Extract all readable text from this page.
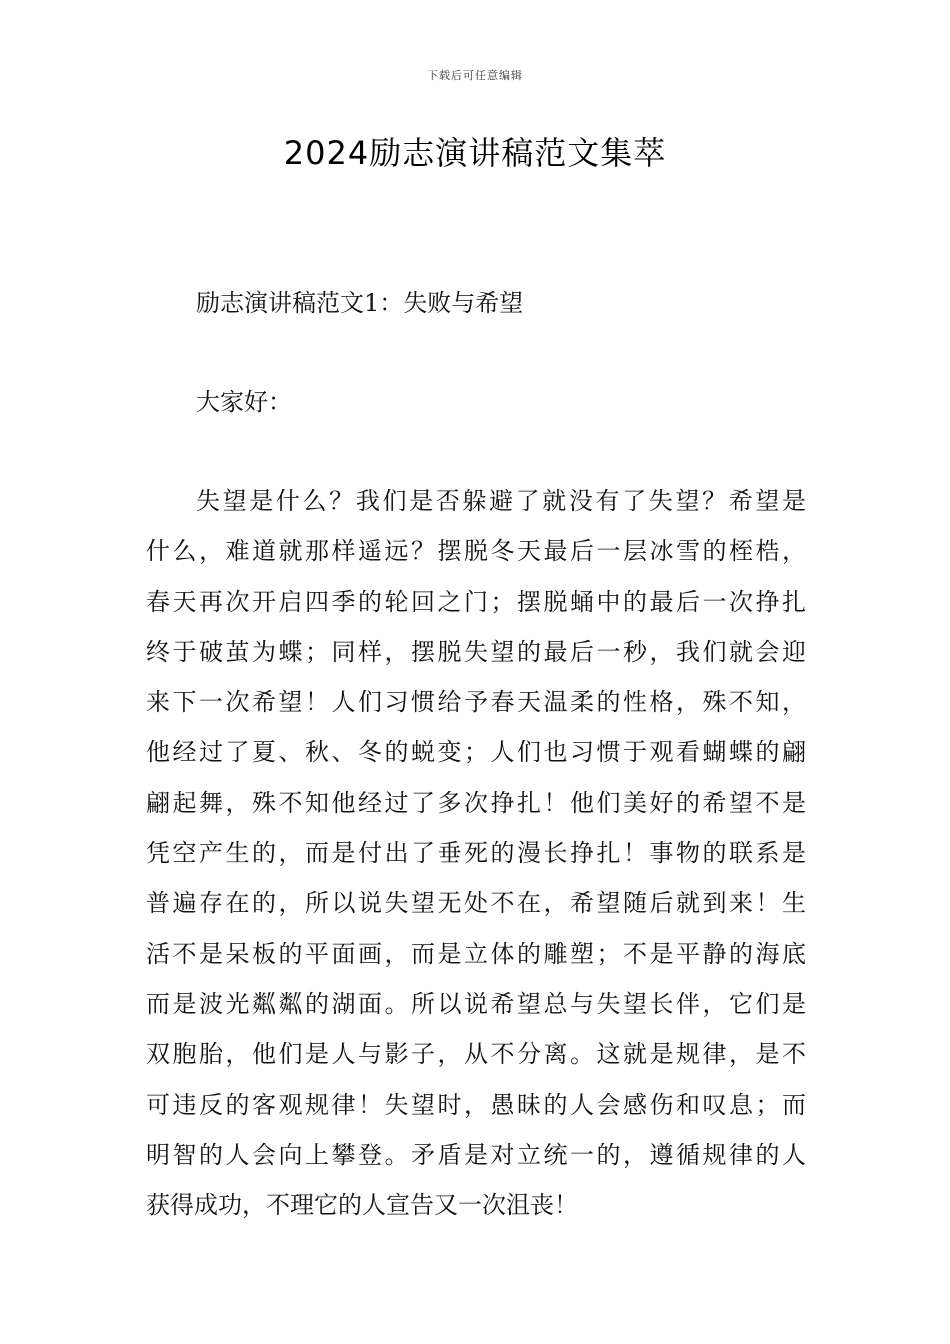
下载后可任意编辑
2024励志演讲稿范文集萃
励志演讲稿范文1：失败与希望
大家好：
失望是什么？我们是否躲避了就没有了失望？希望是
什么，难道就那样遥远？摆脱冬天最后一层冰雪的桎梏，
春天再次开启四季的轮回之门；摆脱蛹中的最后一次挣扎
终于破茧为蝶；同样，摆脱失望的最后一秒，我们就会迎
来下一次希望！人们习惯给予春天温柔的性格，殊不知，
他经过了夏、秋、冬的蜕变；人们也习惯于观看蝴蝶的翩
翩起舞，殊不知他经过了多次挣扎！他们美好的希望不是
凭空产生的，而是付出了垂死的漫长挣扎！事物的联系是
普遍存在的，所以说失望无处不在，希望随后就到来！生
活不是呆板的平面画，而是立体的雕塑；不是平静的海底
而是波光粼粼的湖面。所以说希望总与失望长伴，它们是
双胞胎，他们是人与影子，从不分离。这就是规律，是不
可违反的客观规律！失望时，愚昧的人会感伤和叹息；而
明智的人会向上攀登。矛盾是对立统一的，遵循规律的人
获得成功，不理它的人宣告又一次沮丧！
